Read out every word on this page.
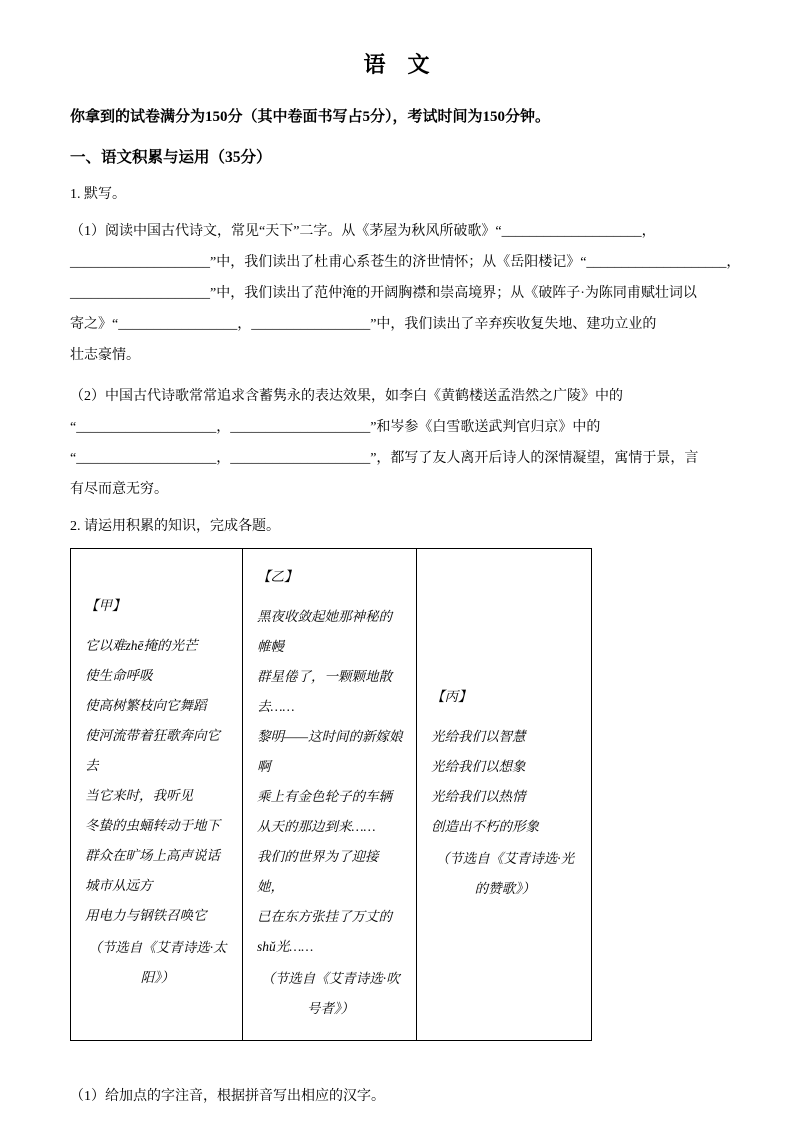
语　文

你拿到的试卷满分为150分（其中卷面书写占5分），考试时间为150分钟。

一、语文积累与运用（35分）

1. 默写。

（1）阅读中国古代诗文，常见“天下”二字。从《茅屋为秋风所破歌》“____________________，
____________________”中，我们读出了杜甫心系苍生的济世情怀；从《岳阳楼记》“____________________，
____________________”中，我们读出了范仲淹的开阔胸襟和崇高境界；从《破阵子·为陈同甫赋壮词以
寄之》“_________________，_________________”中，我们读出了辛弃疾收复失地、建功立业的
壮志豪情。
（2）中国古代诗歌常常追求含蓄隽永的表达效果，如李白《黄鹤楼送孟浩然之广陵》中的
“____________________，____________________”和岑参《白雪歌送武判官归京》中的
“____________________，____________________”，都写了友人离开后诗人的深情凝望，寓情于景，言
有尽而意无穷。

2. 请运用积累的知识，完成各题。

【甲】
它以难zhē掩的光芒
使生命呼吸
使高树繁枝向它舞蹈
使河流带着狂歌奔向它去
当它来时，我听见
冬蛰的虫蛹转动于地下
群众在旷场上高声说话
城市从远方
用电力与钢铁召唤它
（节选自《艾青诗选·太阳》）

【乙】
黑夜收敛起她那神秘的帷幔
群星倦了，一颗颗地散去……
黎明——这时间的新嫁娘啊
乘上有金色轮子的车辆
从天的那边到来……
我们的世界为了迎接她，
已在东方张挂了万丈的shǔ光……
（节选自《艾青诗选·吹号者》）

【丙】
光给我们以智慧
光给我们以想象
光给我们以热情
创造出不朽的形象
（节选自《艾青诗选·光的赞歌》）

（1）给加点的字注音，根据拼音写出相应的汉字。
